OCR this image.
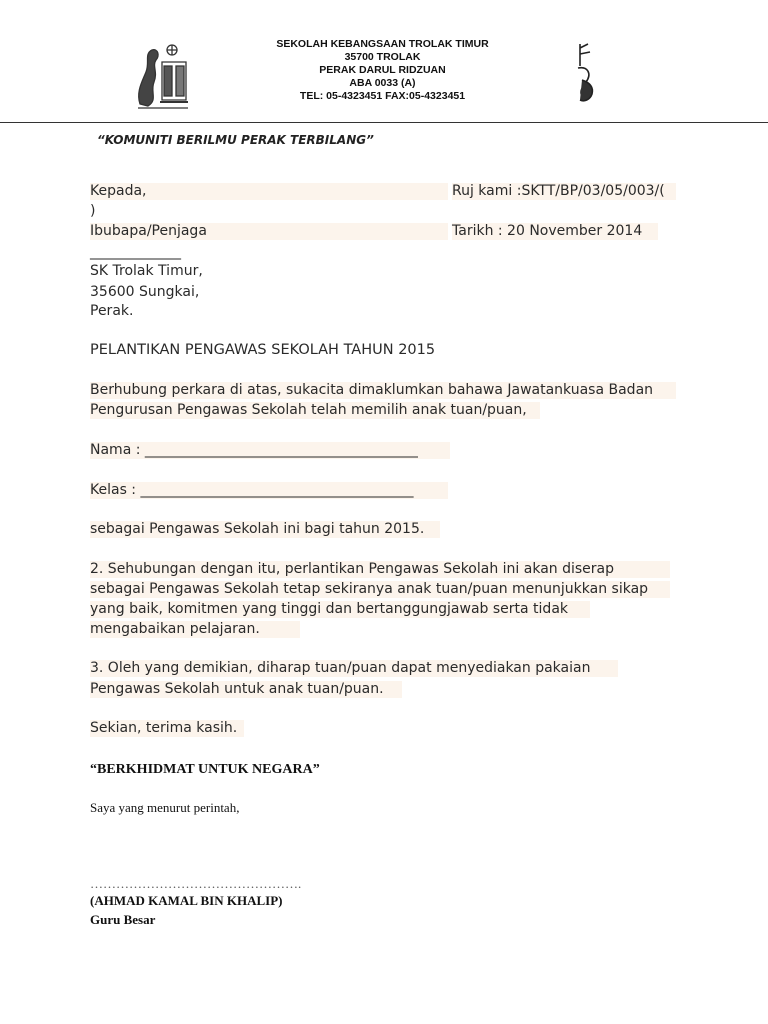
SEKOLAH KEBANGSAAN TROLAK TIMUR
35700 TROLAK
PERAK DARUL RIDZUAN
ABA 0033 (A)
TEL: 05-4323451 FAX:05-4323451
“KOMUNITI BERILMU PERAK TERBILANG”
Kepada,	Ruj kami :SKTT/BP/03/05/003/(
)
Ibubapa/Penjaga	Tarikh : 20 November 2014
_____________
SK Trolak Timur,
35600 Sungkai,
Perak.
PELANTIKAN PENGAWAS SEKOLAH TAHUN 2015
Berhubung perkara di atas, sukacita dimaklumkan bahawa Jawatankuasa Badan
Pengurusan Pengawas Sekolah telah memilih anak tuan/puan,
Nama : _______________________________________
Kelas : _______________________________________
sebagai Pengawas Sekolah ini bagi tahun 2015.
2. Sehubungan dengan itu, perlantikan Pengawas Sekolah ini akan diserap
sebagai Pengawas Sekolah tetap sekiranya anak tuan/puan menunjukkan sikap
yang baik, komitmen yang tinggi dan bertanggungjawab serta tidak
mengabaikan pelajaran.
3. Oleh yang demikian, diharap tuan/puan dapat menyediakan pakaian
Pengawas Sekolah untuk anak tuan/puan.
Sekian, terima kasih.
“BERKHIDMAT UNTUK NEGARA”
Saya yang menurut perintah,
………………………………………….
(AHMAD KAMAL BIN KHALIP)
Guru Besar
